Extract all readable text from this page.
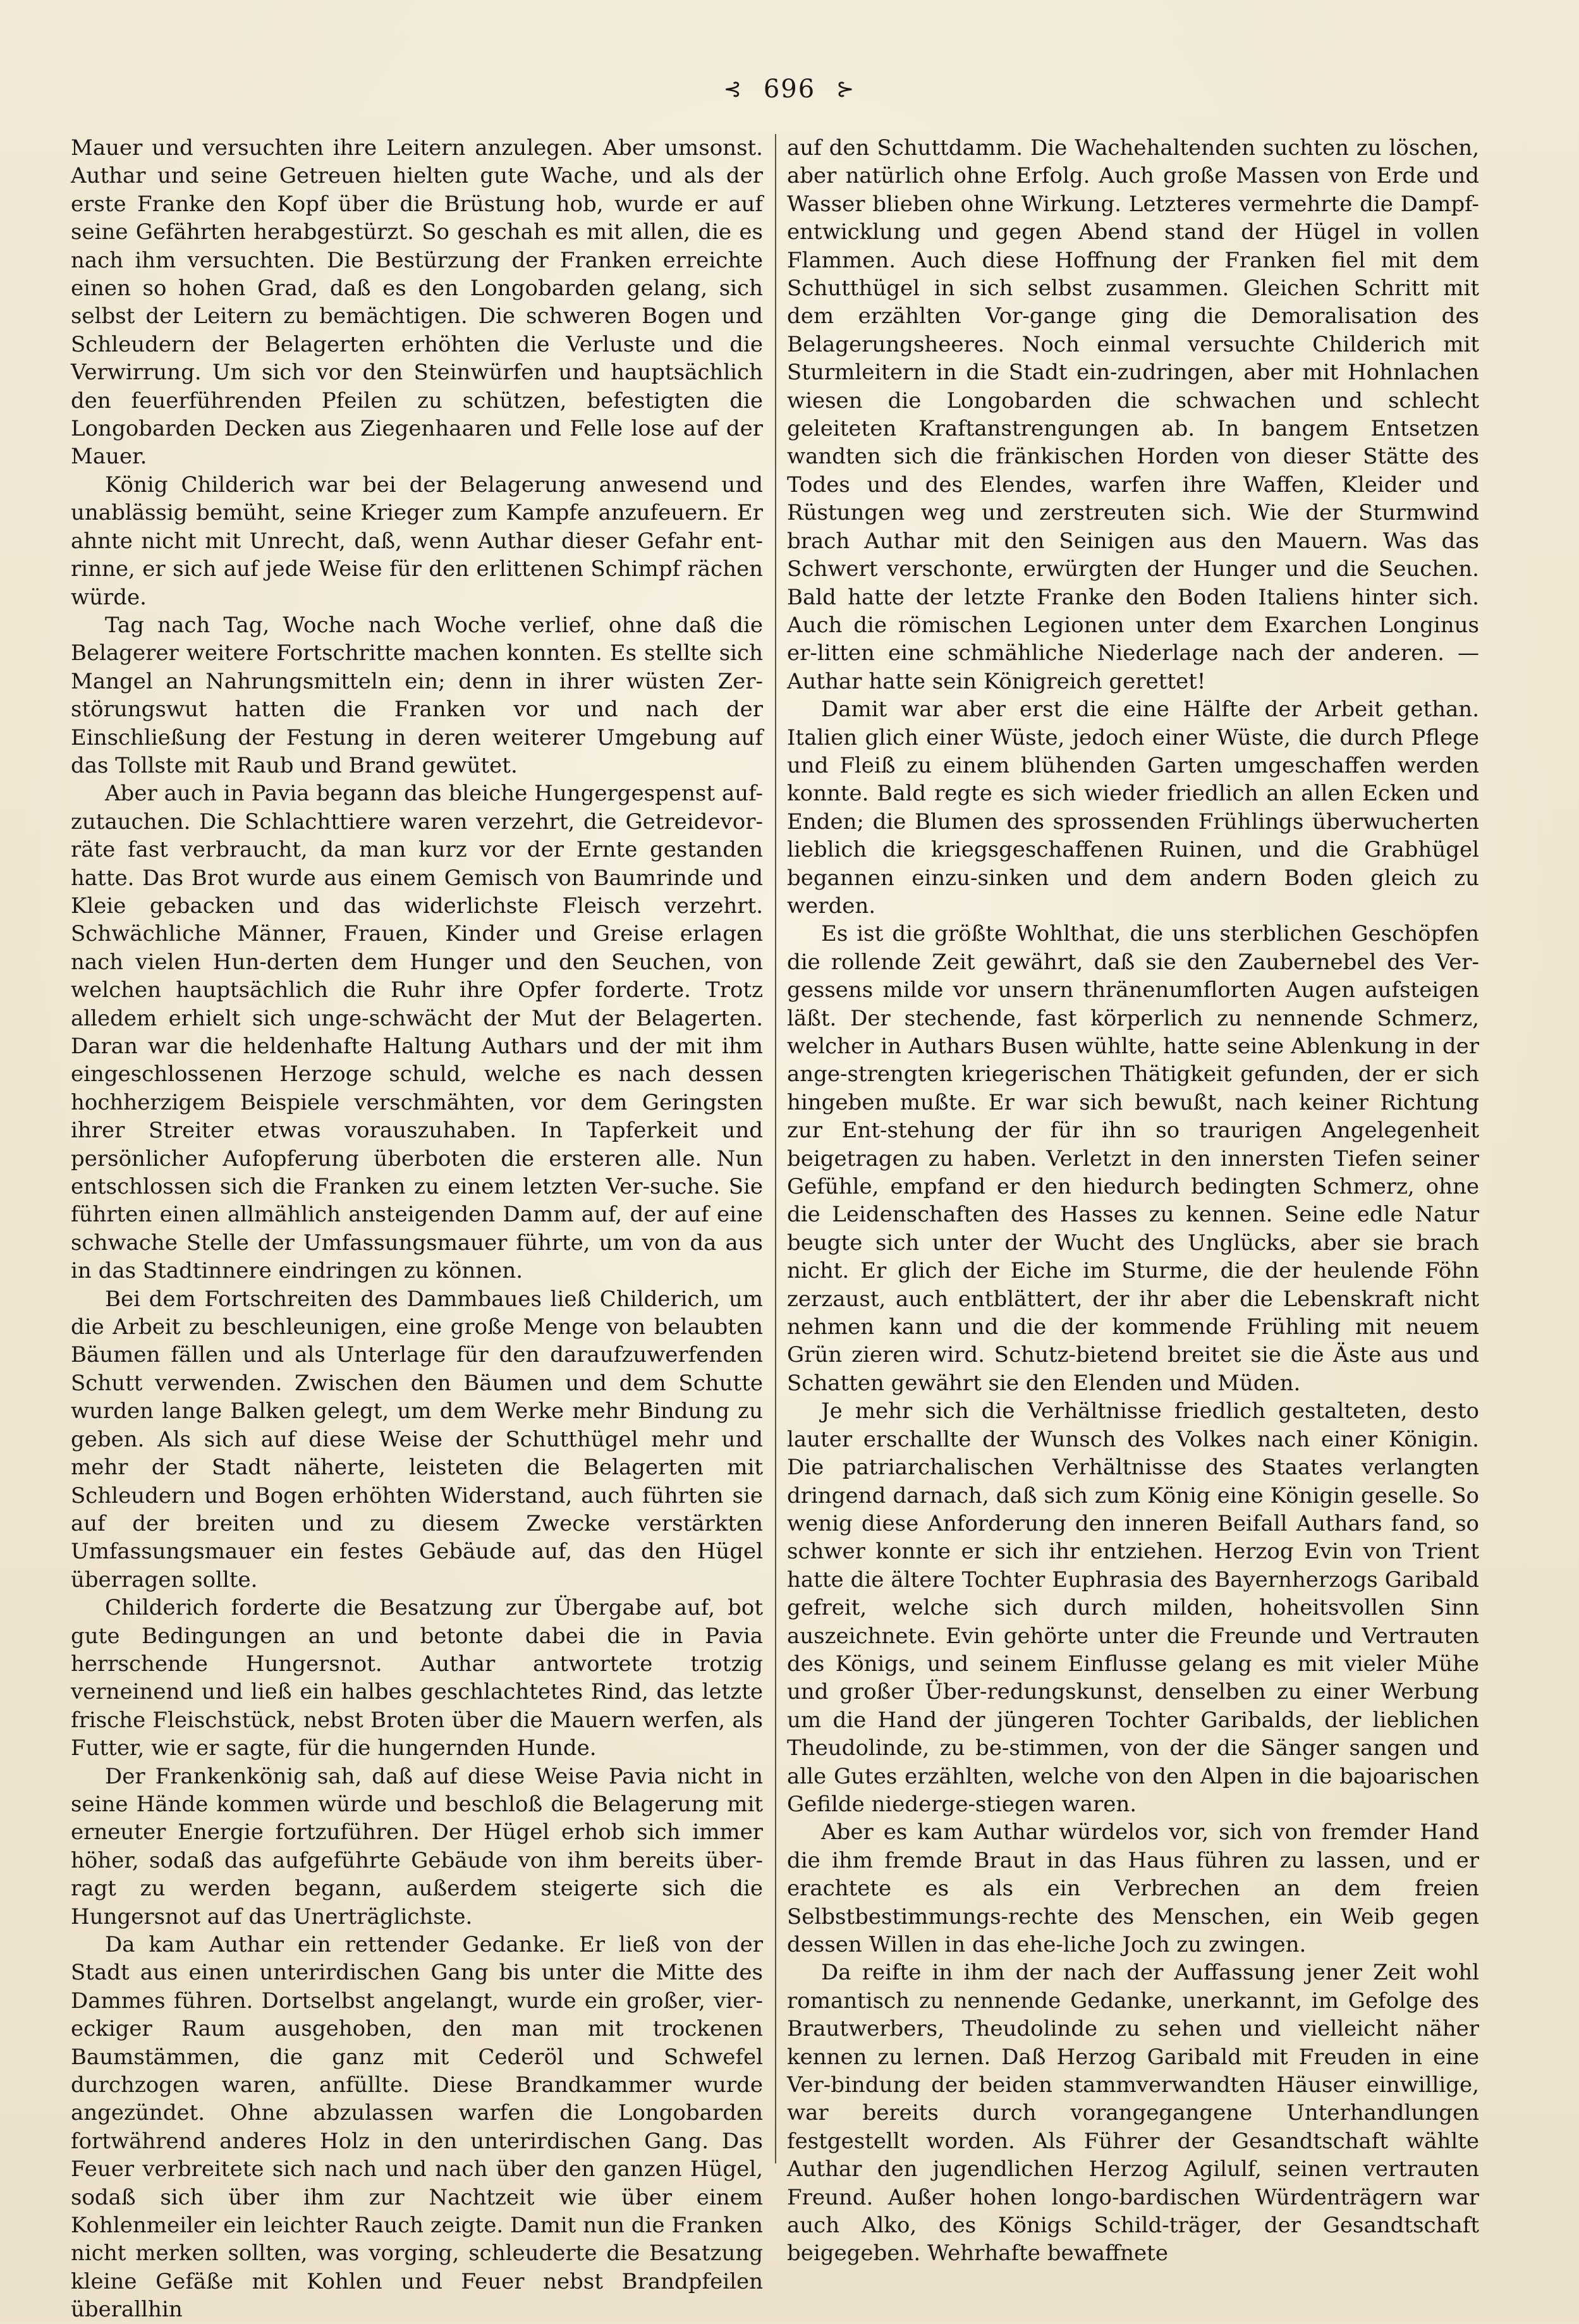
⊰ 696 ⊱

Mauer und versuchten ihre Leitern anzulegen. Aber umsonst. Authar und seine Getreuen hielten gute Wache, und als der erste Franke den Kopf über die Brüstung hob, wurde er auf seine Gefährten herabgestürzt. So geschah es mit allen, die es nach ihm versuchten. Die Bestürzung der Franken erreichte einen so hohen Grad, daß es den Longobarden gelang, sich selbst der Leitern zu bemächtigen. Die schweren Bogen und Schleudern der Belagerten erhöhten die Verluste und die Verwirrung. Um sich vor den Steinwürfen und hauptsächlich den feuerführenden Pfeilen zu schützen, befestigten die Longobarden Decken aus Ziegenhaaren und Felle lose auf der Mauer.

König Childerich war bei der Belagerung anwesend und unablässig bemüht, seine Krieger zum Kampfe anzufeuern. Er ahnte nicht mit Unrecht, daß, wenn Authar dieser Gefahr ent-rinne, er sich auf jede Weise für den erlittenen Schimpf rächen würde.

Tag nach Tag, Woche nach Woche verlief, ohne daß die Belagerer weitere Fortschritte machen konnten. Es stellte sich Mangel an Nahrungsmitteln ein; denn in ihrer wüsten Zer-störungswut hatten die Franken vor und nach der Einschließung der Festung in deren weiterer Umgebung auf das Tollste mit Raub und Brand gewütet.

Aber auch in Pavia begann das bleiche Hungergespenst auf-zutauchen. Die Schlachttiere waren verzehrt, die Getreidevor-räte fast verbraucht, da man kurz vor der Ernte gestanden hatte. Das Brot wurde aus einem Gemisch von Baumrinde und Kleie gebacken und das widerlichste Fleisch verzehrt. Schwächliche Männer, Frauen, Kinder und Greise erlagen nach vielen Hun-derten dem Hunger und den Seuchen, von welchen hauptsächlich die Ruhr ihre Opfer forderte. Trotz alledem erhielt sich unge-schwächt der Mut der Belagerten. Daran war die heldenhafte Haltung Authars und der mit ihm eingeschlossenen Herzoge schuld, welche es nach dessen hochherzigem Beispiele verschmähten, vor dem Geringsten ihrer Streiter etwas vorauszuhaben. In Tapferkeit und persönlicher Aufopferung überboten die ersteren alle. Nun entschlossen sich die Franken zu einem letzten Ver-suche. Sie führten einen allmählich ansteigenden Damm auf, der auf eine schwache Stelle der Umfassungsmauer führte, um von da aus in das Stadtinnere eindringen zu können.

Bei dem Fortschreiten des Dammbaues ließ Childerich, um die Arbeit zu beschleunigen, eine große Menge von belaubten Bäumen fällen und als Unterlage für den daraufzuwerfenden Schutt verwenden. Zwischen den Bäumen und dem Schutte wurden lange Balken gelegt, um dem Werke mehr Bindung zu geben. Als sich auf diese Weise der Schutthügel mehr und mehr der Stadt näherte, leisteten die Belagerten mit Schleudern und Bogen erhöhten Widerstand, auch führten sie auf der breiten und zu diesem Zwecke verstärkten Umfassungsmauer ein festes Gebäude auf, das den Hügel überragen sollte.

Childerich forderte die Besatzung zur Übergabe auf, bot gute Bedingungen an und betonte dabei die in Pavia herrschende Hungersnot. Authar antwortete trotzig verneinend und ließ ein halbes geschlachtetes Rind, das letzte frische Fleischstück, nebst Broten über die Mauern werfen, als Futter, wie er sagte, für die hungernden Hunde.

Der Frankenkönig sah, daß auf diese Weise Pavia nicht in seine Hände kommen würde und beschloß die Belagerung mit erneuter Energie fortzuführen. Der Hügel erhob sich immer höher, sodaß das aufgeführte Gebäude von ihm bereits über-ragt zu werden begann, außerdem steigerte sich die Hungersnot auf das Unerträglichste.

Da kam Authar ein rettender Gedanke. Er ließ von der Stadt aus einen unterirdischen Gang bis unter die Mitte des Dammes führen. Dortselbst angelangt, wurde ein großer, vier-eckiger Raum ausgehoben, den man mit trockenen Baumstämmen, die ganz mit Cederöl und Schwefel durchzogen waren, anfüllte. Diese Brandkammer wurde angezündet. Ohne abzulassen warfen die Longobarden fortwährend anderes Holz in den unterirdischen Gang. Das Feuer verbreitete sich nach und nach über den ganzen Hügel, sodaß sich über ihm zur Nachtzeit wie über einem Kohlenmeiler ein leichter Rauch zeigte. Damit nun die Franken nicht merken sollten, was vorging, schleuderte die Besatzung kleine Gefäße mit Kohlen und Feuer nebst Brandpfeilen überallhin

auf den Schuttdamm. Die Wachehaltenden suchten zu löschen, aber natürlich ohne Erfolg. Auch große Massen von Erde und Wasser blieben ohne Wirkung. Letzteres vermehrte die Dampf-entwicklung und gegen Abend stand der Hügel in vollen Flammen. Auch diese Hoffnung der Franken fiel mit dem Schutthügel in sich selbst zusammen. Gleichen Schritt mit dem erzählten Vor-gange ging die Demoralisation des Belagerungsheeres. Noch einmal versuchte Childerich mit Sturmleitern in die Stadt ein-zudringen, aber mit Hohnlachen wiesen die Longobarden die schwachen und schlecht geleiteten Kraftanstrengungen ab. In bangem Entsetzen wandten sich die fränkischen Horden von dieser Stätte des Todes und des Elendes, warfen ihre Waffen, Kleider und Rüstungen weg und zerstreuten sich. Wie der Sturmwind brach Authar mit den Seinigen aus den Mauern. Was das Schwert verschonte, erwürgten der Hunger und die Seuchen. Bald hatte der letzte Franke den Boden Italiens hinter sich. Auch die römischen Legionen unter dem Exarchen Longinus er-litten eine schmähliche Niederlage nach der anderen. — Authar hatte sein Königreich gerettet!

Damit war aber erst die eine Hälfte der Arbeit gethan. Italien glich einer Wüste, jedoch einer Wüste, die durch Pflege und Fleiß zu einem blühenden Garten umgeschaffen werden konnte. Bald regte es sich wieder friedlich an allen Ecken und Enden; die Blumen des sprossenden Frühlings überwucherten lieblich die kriegsgeschaffenen Ruinen, und die Grabhügel begannen einzu-sinken und dem andern Boden gleich zu werden.

Es ist die größte Wohlthat, die uns sterblichen Geschöpfen die rollende Zeit gewährt, daß sie den Zaubernebel des Ver-gessens milde vor unsern thränenumflorten Augen aufsteigen läßt. Der stechende, fast körperlich zu nennende Schmerz, welcher in Authars Busen wühlte, hatte seine Ablenkung in der ange-strengten kriegerischen Thätigkeit gefunden, der er sich hingeben mußte. Er war sich bewußt, nach keiner Richtung zur Ent-stehung der für ihn so traurigen Angelegenheit beigetragen zu haben. Verletzt in den innersten Tiefen seiner Gefühle, empfand er den hiedurch bedingten Schmerz, ohne die Leidenschaften des Hasses zu kennen. Seine edle Natur beugte sich unter der Wucht des Unglücks, aber sie brach nicht. Er glich der Eiche im Sturme, die der heulende Föhn zerzaust, auch entblättert, der ihr aber die Lebenskraft nicht nehmen kann und die der kommende Frühling mit neuem Grün zieren wird. Schutz-bietend breitet sie die Äste aus und Schatten gewährt sie den Elenden und Müden.

Je mehr sich die Verhältnisse friedlich gestalteten, desto lauter erschallte der Wunsch des Volkes nach einer Königin. Die patriarchalischen Verhältnisse des Staates verlangten dringend darnach, daß sich zum König eine Königin geselle. So wenig diese Anforderung den inneren Beifall Authars fand, so schwer konnte er sich ihr entziehen. Herzog Evin von Trient hatte die ältere Tochter Euphrasia des Bayernherzogs Garibald gefreit, welche sich durch milden, hoheitsvollen Sinn auszeichnete. Evin gehörte unter die Freunde und Vertrauten des Königs, und seinem Einflusse gelang es mit vieler Mühe und großer Über-redungskunst, denselben zu einer Werbung um die Hand der jüngeren Tochter Garibalds, der lieblichen Theudolinde, zu be-stimmen, von der die Sänger sangen und alle Gutes erzählten, welche von den Alpen in die bajoarischen Gefilde niederge-stiegen waren.

Aber es kam Authar würdelos vor, sich von fremder Hand die ihm fremde Braut in das Haus führen zu lassen, und er erachtete es als ein Verbrechen an dem freien Selbstbestimmungs-rechte des Menschen, ein Weib gegen dessen Willen in das ehe-liche Joch zu zwingen.

Da reifte in ihm der nach der Auffassung jener Zeit wohl romantisch zu nennende Gedanke, unerkannt, im Gefolge des Brautwerbers, Theudolinde zu sehen und vielleicht näher kennen zu lernen. Daß Herzog Garibald mit Freuden in eine Ver-bindung der beiden stammverwandten Häuser einwillige, war bereits durch vorangegangene Unterhandlungen festgestellt worden. Als Führer der Gesandtschaft wählte Authar den jugendlichen Herzog Agilulf, seinen vertrauten Freund. Außer hohen longo-bardischen Würdenträgern war auch Alko, des Königs Schild-träger, der Gesandtschaft beigegeben. Wehrhafte bewaffnete
